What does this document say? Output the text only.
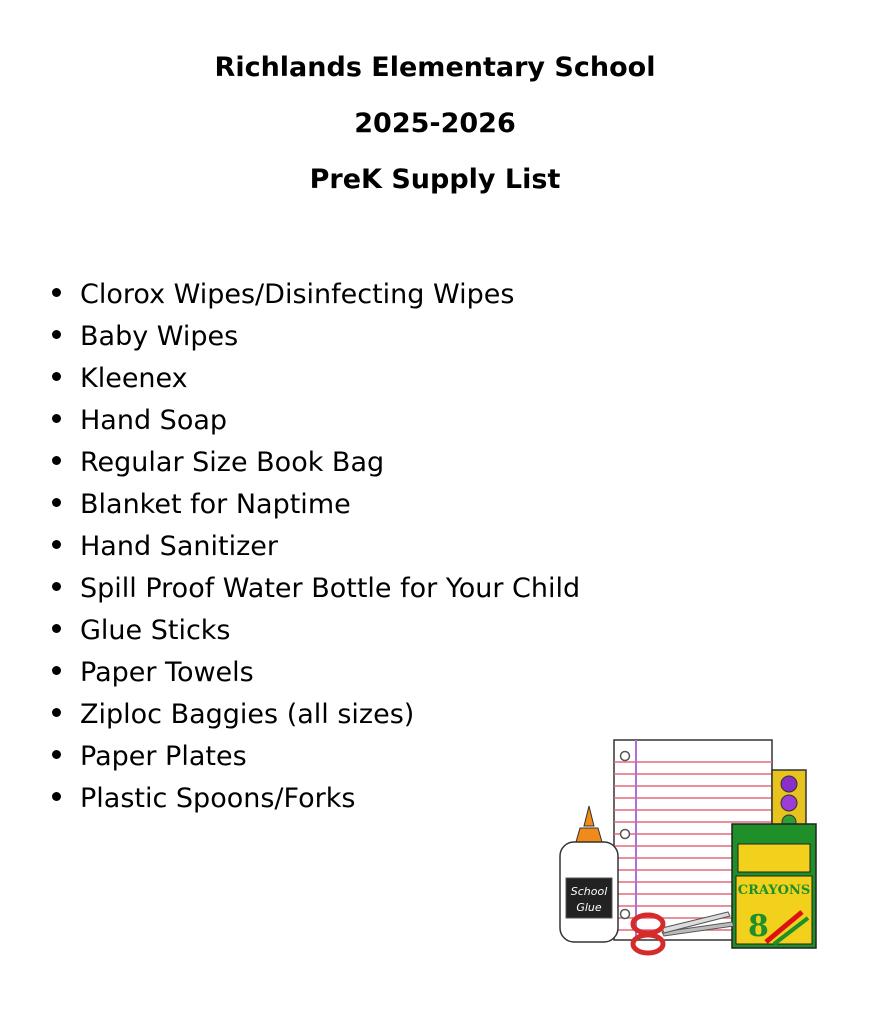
Richlands Elementary School
2025-2026
PreK Supply List
Clorox Wipes/Disinfecting Wipes
Baby Wipes
Kleenex
Hand Soap
Regular Size Book Bag
Blanket for Naptime
Hand Sanitizer
Spill Proof Water Bottle for Your Child
Glue Sticks
Paper Towels
Ziploc Baggies (all sizes)
Paper Plates
Plastic Spoons/Forks
CRAYONS
8
School
Glue
